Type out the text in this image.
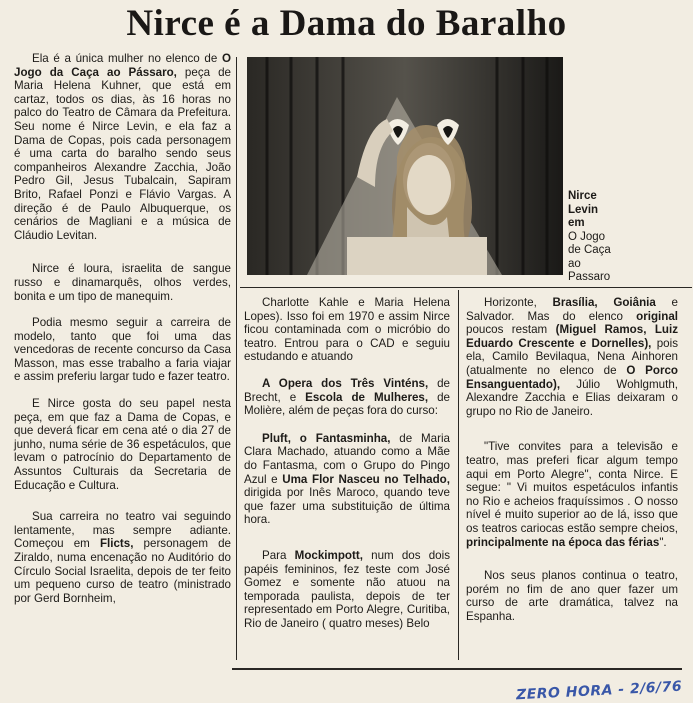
Nirce é a Dama do Baralho

Ela é a única mulher no elenco de O Jogo da Caça ao Pássaro, peça de Maria Helena Kuhner, que está em cartaz, todos os dias, às 16 horas no palco do Teatro de Câmara da Prefeitura. Seu nome é Nirce Levin, e ela faz a Dama de Copas, pois cada personagem é uma carta do baralho sendo seus companheiros Alexandre Zacchia, João Pedro Gil, Jesus Tubalcain, Sapiram Brito, Rafael Ponzi e Flávio Vargas. A direção é de Paulo Albuquerque, os cenários de Magliani e a música de Cláudio Levitan.

Nirce é loura, israelita de sangue russo e dinamarquês, olhos verdes, bonita e um tipo de manequim.

Podia mesmo seguir a carreira de modelo, tanto que foi uma das vencedoras de recente concurso da Casa Masson, mas esse trabalho a faria viajar e assim preferiu largar tudo e fazer teatro.

E Nirce gosta do seu papel nesta peça, em que faz a Dama de Copas, e que deverá ficar em cena até o dia 27 de junho, numa série de 36 espetáculos, que levam o patrocínio do Departamento de Assuntos Culturais da Secretaria de Educação e Cultura.

Sua carreira no teatro vai seguindo lentamente, mas sempre adiante. Começou em Flicts, personagem de Ziraldo, numa encenação no Auditório do Círculo Social Israelita, depois de ter feito um pequeno curso de teatro (ministrado por Gerd Bornheim,

Nirce
Levin
em
O Jogo
de Caça
ao
Passaro

Charlotte Kahle e Maria Helena Lopes). Isso foi em 1970 e assim Nirce ficou contaminada com o micróbio do teatro. Entrou para o CAD e seguiu estudando e atuando

A Opera dos Três Vinténs, de Brecht, e Escola de Mulheres, de Molière, além de peças fora do curso:

Pluft, o Fantasminha, de Maria Clara Machado, atuando como a Mãe do Fantasma, com o Grupo do Pingo Azul e Uma Flor Nasceu no Telhado, dirigida por Inês Maroco, quando teve que fazer uma substituição de última hora.

Para Mockimpott, num dos dois papéis femininos, fez teste com José Gomez e somente não atuou na temporada paulista, depois de ter representado em Porto Alegre, Curitiba, Rio de Janeiro ( quatro meses) Belo

Horizonte, Brasília, Goiânia e Salvador. Mas do elenco original poucos restam (Miguel Ramos, Luiz Eduardo Crescente e Dornelles), pois ela, Camilo Bevilaqua, Nena Ainhoren (atualmente no elenco de O Porco Ensanguentado), Júlio Wohlgmuth, Alexandre Zacchia e Elias deixaram o grupo no Rio de Janeiro.

"Tive convites para a televisão e teatro, mas preferi ficar algum tempo aqui em Porto Alegre", conta Nirce. E segue: " Vi muitos espetáculos infantis no Rio e acheios fraquíssimos . O nosso nível é muito superior ao de lá, isso que os teatros cariocas estão sempre cheios, principalmente na época das férias".

Nos seus planos continua o teatro, porém no fim de ano quer fazer um curso de arte dramática, talvez na Espanha.

ZERO HORA - 2/6/76
